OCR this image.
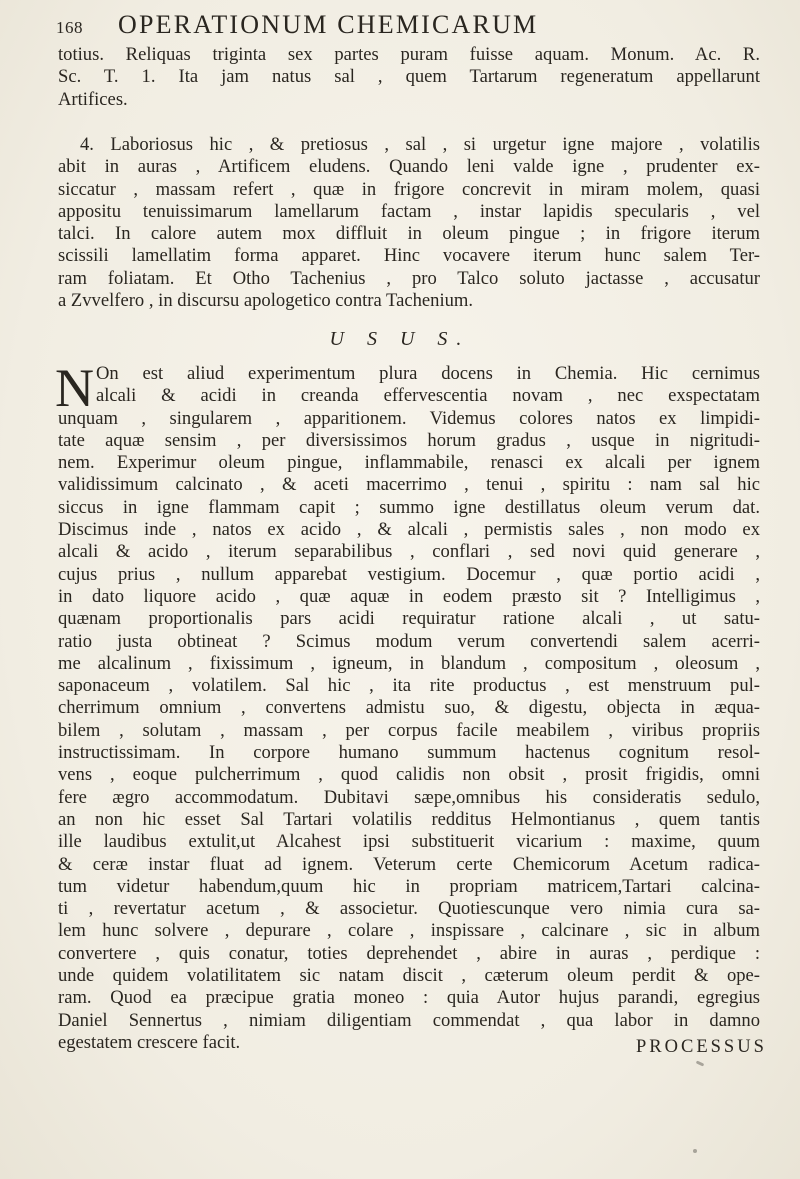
168 OPERATIONUM CHEMICARUM
totius. Reliquas triginta sex partes puram fuisse aquam. Monum. Ac. R.
Sc. T. 1. Ita jam natus sal , quem Tartarum regeneratum appellarunt
Artifices.
4. Laboriosus hic , & pretiosus , sal , si urgetur igne majore , volatilis
abit in auras , Artificem eludens. Quando leni valde igne , prudenter ex-
siccatur , massam refert , quæ in frigore concrevit in miram molem, quasi
appositu tenuissimarum lamellarum factam , instar lapidis specularis , vel
talci. In calore autem mox diffluit in oleum pingue ; in frigore iterum
scissili lamellatim forma apparet. Hinc vocavere iterum hunc salem Ter-
ram foliatam. Et Otho Tachenius , pro Talco soluto jactasse , accusatur
a Zvvelfero , in discursu apologetico contra Tachenium.
U S U S.
N On est aliud experimentum plura docens in Chemia. Hic cernimus
alcali & acidi in creanda effervescentia novam , nec exspectatam
unquam , singularem , apparitionem. Videmus colores natos ex limpidi-
tate aquæ sensim , per diversissimos horum gradus , usque in nigritudi-
nem. Experimur oleum pingue, inflammabile, renasci ex alcali per ignem
validissimum calcinato , & aceti macerrimo , tenui , spiritu : nam sal hic
siccus in igne flammam capit ; summo igne destillatus oleum verum dat.
Discimus inde , natos ex acido , & alcali , permistis sales , non modo ex
alcali & acido , iterum separabilibus , conflari , sed novi quid generare ,
cujus prius , nullum apparebat vestigium. Docemur , quæ portio acidi ,
in dato liquore acido , quæ aquæ in eodem præsto sit ? Intelligimus ,
quænam proportionalis pars acidi requiratur ratione alcali , ut satu-
ratio justa obtineat ? Scimus modum verum convertendi salem acerri-
me alcalinum , fixissimum , igneum, in blandum , compositum , oleosum ,
saponaceum , volatilem. Sal hic , ita rite productus , est menstruum pul-
cherrimum omnium , convertens admistu suo, & digestu, objecta in æqua-
bilem , solutam , massam , per corpus facile meabilem , viribus propriis
instructissimam. In corpore humano summum hactenus cognitum resol-
vens , eoque pulcherrimum , quod calidis non obsit , prosit frigidis, omni
fere ægro accommodatum. Dubitavi sæpe,omnibus his consideratis sedulo,
an non hic esset Sal Tartari volatilis redditus Helmontianus , quem tantis
ille laudibus extulit,ut Alcahest ipsi substituerit vicarium : maxime, quum
& ceræ instar fluat ad ignem. Veterum certe Chemicorum Acetum radica-
tum videtur habendum,quum hic in propriam matricem,Tartari calcina-
ti , revertatur acetum , & associetur. Quotiescunque vero nimia cura sa-
lem hunc solvere , depurare , colare , inspissare , calcinare , sic in album
convertere , quis conatur, toties deprehendet , abire in auras , perdique :
unde quidem volatilitatem sic natam discit , cæterum oleum perdit & ope-
ram. Quod ea præcipue gratia moneo : quia Autor hujus parandi, egregius
Daniel Sennertus , nimiam diligentiam commendat , qua labor in damno
egestatem crescere facit.	PROCESSUS
